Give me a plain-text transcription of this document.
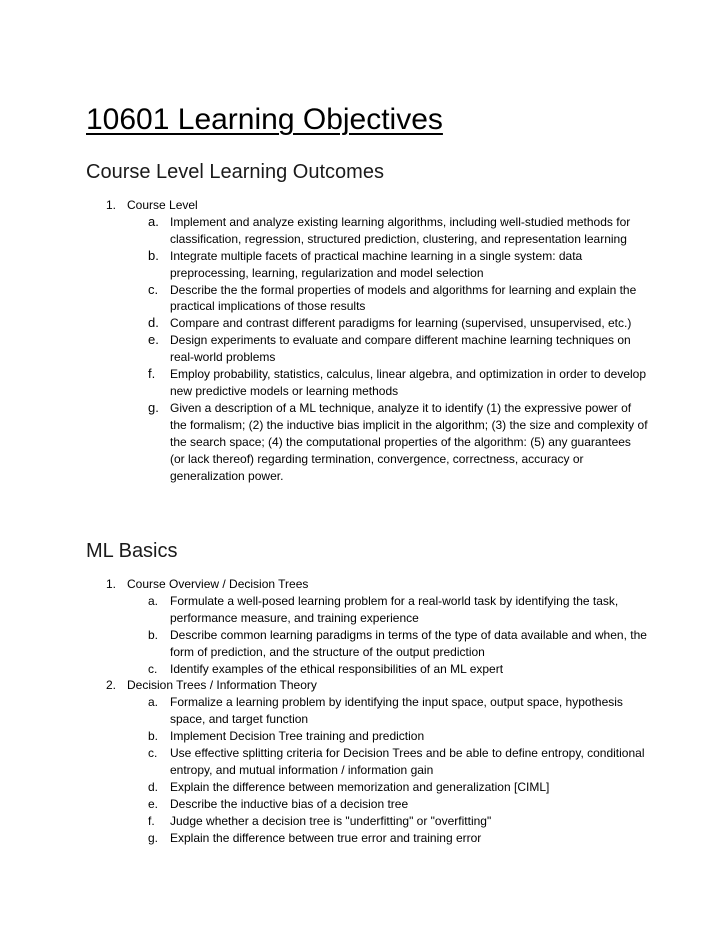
10601 Learning Objectives
Course Level Learning Outcomes
1. Course Level
a. Implement and analyze existing learning algorithms, including well-studied methods for classification, regression, structured prediction, clustering, and representation learning
b. Integrate multiple facets of practical machine learning in a single system: data preprocessing, learning, regularization and model selection
c. Describe the the formal properties of models and algorithms for learning and explain the practical implications of those results
d. Compare and contrast different paradigms for learning (supervised, unsupervised, etc.)
e. Design experiments to evaluate and compare different machine learning techniques on real-world problems
f.	Employ probability, statistics, calculus, linear algebra, and optimization in order to develop new predictive models or learning methods
g. Given a description of a ML technique, analyze it to identify (1) the expressive power of the formalism; (2) the inductive bias implicit in the algorithm; (3) the size and complexity of the search space; (4) the computational properties of the algorithm: (5) any guarantees (or lack thereof) regarding termination, convergence, correctness, accuracy or generalization power.
ML Basics
1. Course Overview / Decision Trees
a. Formulate a well-posed learning problem for a real-world task by identifying the task, performance measure, and training experience
b. Describe common learning paradigms in terms of the type of data available and when, the form of prediction, and the structure of the output prediction
c.	Identify examples of the ethical responsibilities of an ML expert
2. Decision Trees / Information Theory
a. Formalize a learning problem by identifying the input space, output space, hypothesis space, and target function
b. Implement Decision Tree training and prediction
c.	Use effective splitting criteria for Decision Trees and be able to define entropy, conditional entropy, and mutual information / information gain
d. Explain the difference between memorization and generalization [CIML]
e. Describe the inductive bias of a decision tree
f.	Judge whether a decision tree is "underfitting" or "overfitting"
g. Explain the difference between true error and training error
